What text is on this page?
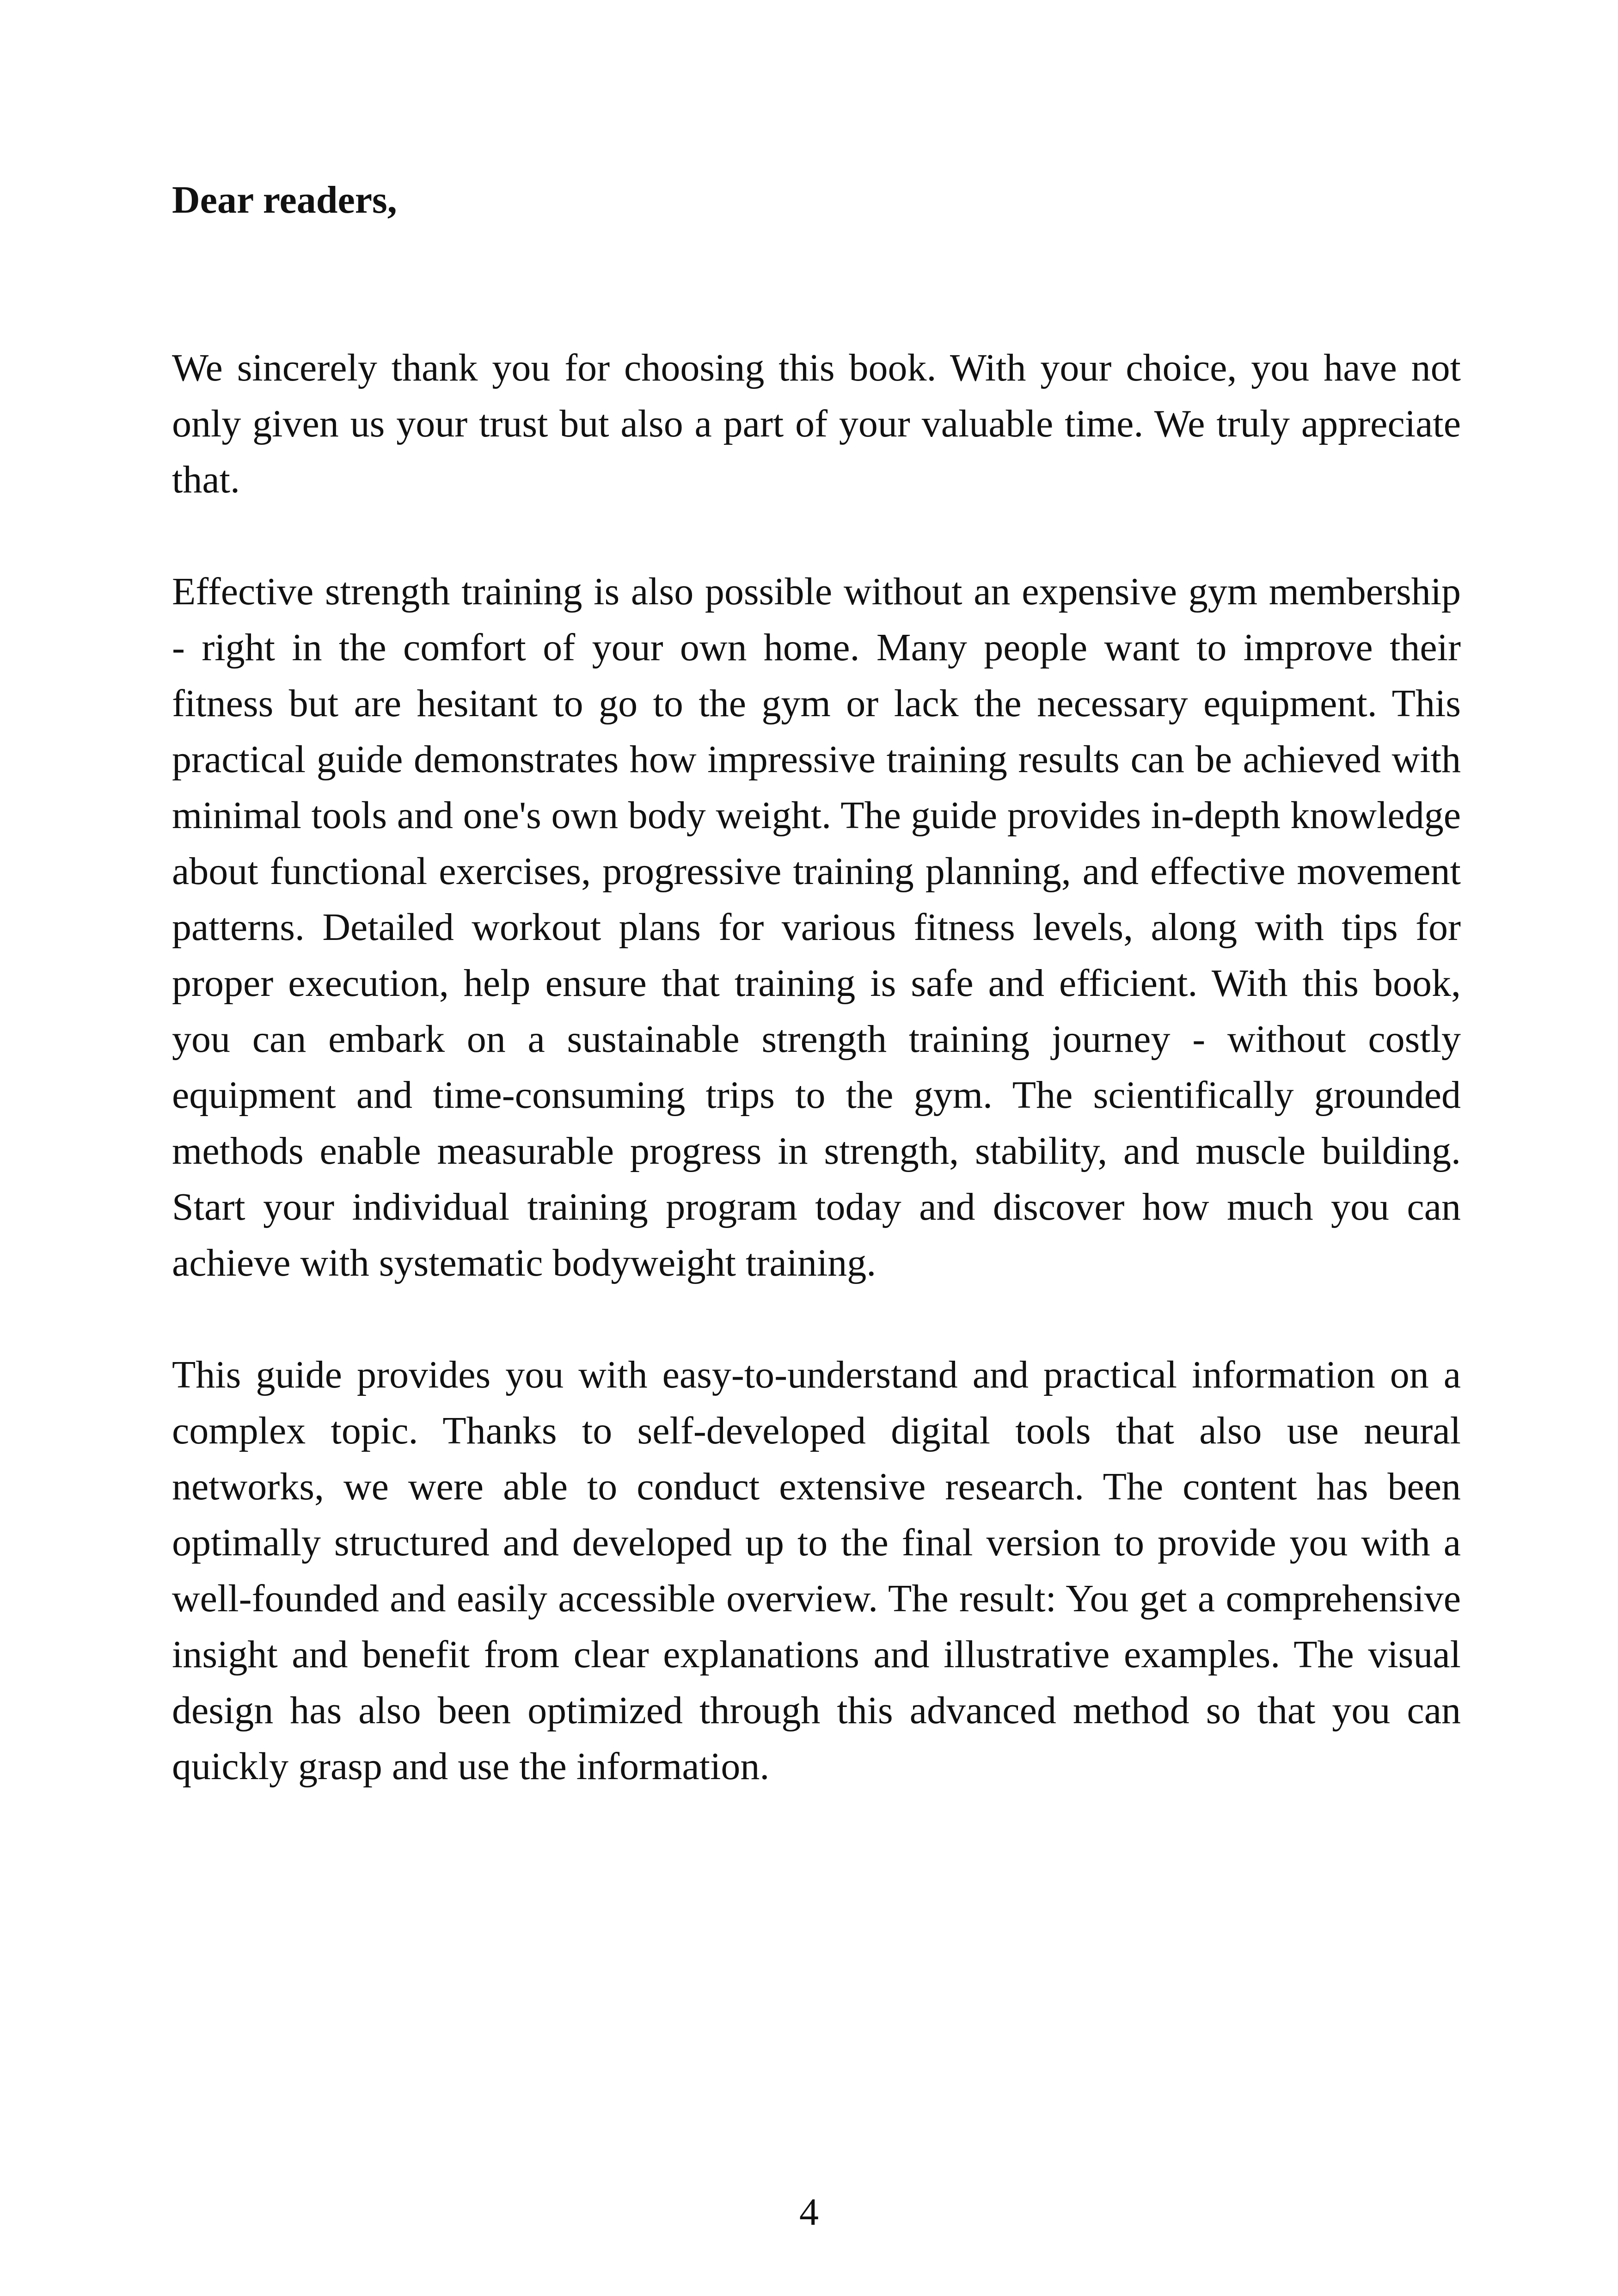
Dear readers,

We sincerely thank you for choosing this book. With your choice, you have not only given us your trust but also a part of your valuable time. We truly appreciate that.

Effective strength training is also possible without an expensive gym membership - right in the comfort of your own home. Many people want to improve their fitness but are hesitant to go to the gym or lack the necessary equipment. This practical guide demonstrates how impressive training results can be achieved with minimal tools and one's own body weight. The guide provides in-depth knowledge about functional exercises, progressive training planning, and effective movement patterns. Detailed workout plans for various fitness levels, along with tips for proper execution, help ensure that training is safe and efficient. With this book, you can embark on a sustainable strength training journey - without costly equipment and time-consuming trips to the gym. The scientifically grounded methods enable measurable progress in strength, stability, and muscle building. Start your individual training program today and discover how much you can achieve with systematic bodyweight training.

This guide provides you with easy-to-understand and practical information on a complex topic. Thanks to self-developed digital tools that also use neural networks, we were able to conduct extensive research. The content has been optimally structured and developed up to the final version to provide you with a well-founded and easily accessible overview. The result: You get a comprehensive insight and benefit from clear explanations and illustrative examples. The visual design has also been optimized through this advanced method so that you can quickly grasp and use the information.

4
